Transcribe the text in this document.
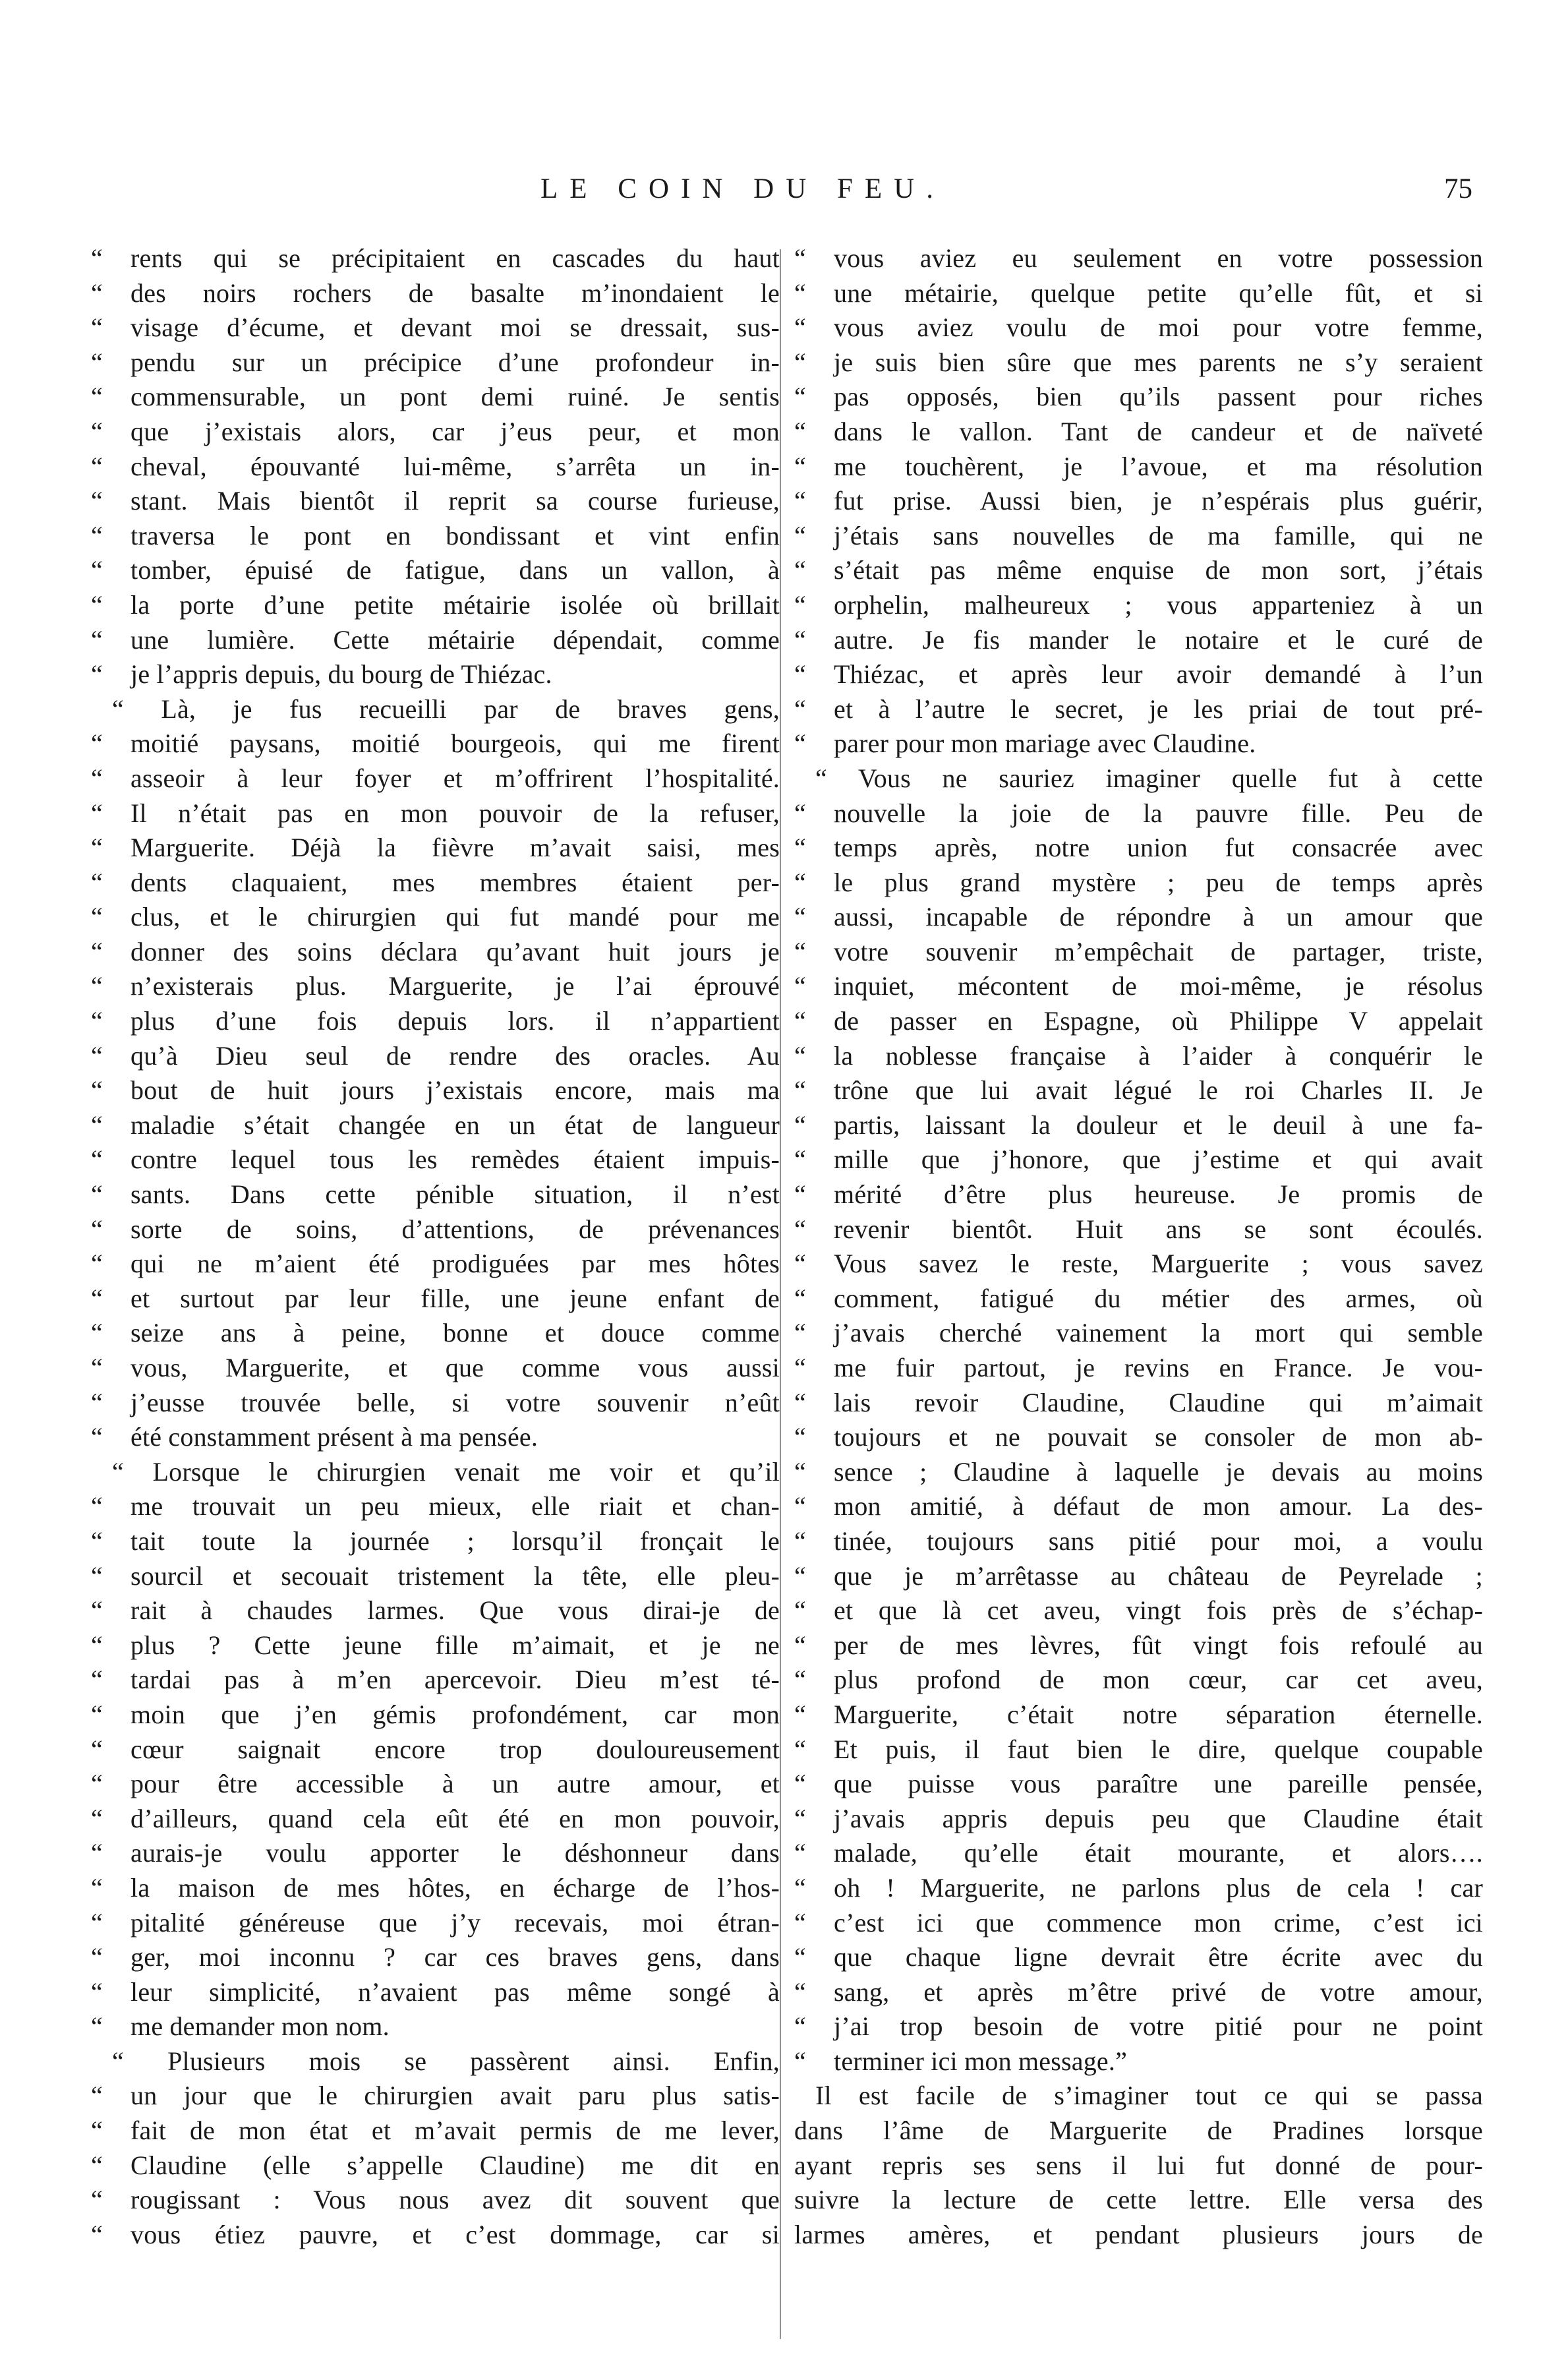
LE COIN DU FEU.	75
“	rents qui se précipitaient en cascades du haut
“	des noirs rochers de basalte m’inondaient le
“	visage d’écume, et devant moi se dressait, sus-
“	pendu sur un précipice d’une profondeur in-
“	commensurable, un pont demi ruiné. Je sentis
“	que j’existais alors, car j’eus peur, et mon
“	cheval, épouvanté lui-même, s’arrêta un in-
“	stant. Mais bientôt il reprit sa course furieuse,
“	traversa le pont en bondissant et vint enfin
“	tomber, épuisé de fatigue, dans un vallon, à
“	la porte d’une petite métairie isolée où brillait
“	une lumière. Cette métairie dépendait, comme
“	je l’appris depuis, du bourg de Thiézac.
“ Là, je fus recueilli par de braves gens,
“	moitié paysans, moitié bourgeois, qui me firent
“	asseoir à leur foyer et m’offrirent l’hospitalité.
“	Il n’était pas en mon pouvoir de la refuser,
“	Marguerite. Déjà la fièvre m’avait saisi, mes
“	dents claquaient, mes membres étaient per-
“	clus, et le chirurgien qui fut mandé pour me
“	donner des soins déclara qu’avant huit jours je
“	n’existerais plus. Marguerite, je l’ai éprouvé
“	plus d’une fois depuis lors. il n’appartient
“	qu’à Dieu seul de rendre des oracles. Au
“	bout de huit jours j’existais encore, mais ma
“	maladie s’était changée en un état de langueur
“	contre lequel tous les remèdes étaient impuis-
“	sants. Dans cette pénible situation, il n’est
“	sorte de soins, d’attentions, de prévenances
“	qui ne m’aient été prodiguées par mes hôtes
“	et surtout par leur fille, une jeune enfant de
“	seize ans à peine, bonne et douce comme
“	vous, Marguerite, et que comme vous aussi
“	j’eusse trouvée belle, si votre souvenir n’eût
“	été constamment présent à ma pensée.
“ Lorsque le chirurgien venait me voir et qu’il
“	me trouvait un peu mieux, elle riait et chan-
“	tait toute la journée ; lorsqu’il fronçait le
“	sourcil et secouait tristement la tête, elle pleu-
“	rait à chaudes larmes. Que vous dirai-je de
“	plus ? Cette jeune fille m’aimait, et je ne
“	tardai pas à m’en apercevoir. Dieu m’est té-
“	moin que j’en gémis profondément, car mon
“	cœur saignait encore trop douloureusement
“	pour être accessible à un autre amour, et
“	d’ailleurs, quand cela eût été en mon pouvoir,
“	aurais-je voulu apporter le déshonneur dans
“	la maison de mes hôtes, en écharge de l’hos-
“	pitalité généreuse que j’y recevais, moi étran-
“	ger, moi inconnu ? car ces braves gens, dans
“	leur simplicité, n’avaient pas même songé à
“	me demander mon nom.
“ Plusieurs mois se passèrent ainsi. Enfin,
“	un jour que le chirurgien avait paru plus satis-
“	fait de mon état et m’avait permis de me lever,
“	Claudine (elle s’appelle Claudine) me dit en
“	rougissant : Vous nous avez dit souvent que
“	vous étiez pauvre, et c’est dommage, car si
“	vous aviez eu seulement en votre possession
“	une métairie, quelque petite qu’elle fût, et si
“	vous aviez voulu de moi pour votre femme,
“	je suis bien sûre que mes parents ne s’y seraient
“	pas opposés, bien qu’ils passent pour riches
“	dans le vallon. Tant de candeur et de naïveté
“	me touchèrent, je l’avoue, et ma résolution
“	fut prise. Aussi bien, je n’espérais plus guérir,
“	j’étais sans nouvelles de ma famille, qui ne
“	s’était pas même enquise de mon sort, j’étais
“	orphelin, malheureux ; vous apparteniez à un
“	autre. Je fis mander le notaire et le curé de
“	Thiézac, et après leur avoir demandé à l’un
“	et à l’autre le secret, je les priai de tout pré-
“	parer pour mon mariage avec Claudine.
“ Vous ne sauriez imaginer quelle fut à cette
“	nouvelle la joie de la pauvre fille. Peu de
“	temps après, notre union fut consacrée avec
“	le plus grand mystère ; peu de temps après
“	aussi, incapable de répondre à un amour que
“	votre souvenir m’empêchait de partager, triste,
“	inquiet, mécontent de moi-même, je résolus
“	de passer en Espagne, où Philippe V appelait
“	la noblesse française à l’aider à conquérir le
“	trône que lui avait légué le roi Charles II. Je
“	partis, laissant la douleur et le deuil à une fa-
“	mille que j’honore, que j’estime et qui avait
“	mérité d’être plus heureuse. Je promis de
“	revenir bientôt. Huit ans se sont écoulés.
“	Vous savez le reste, Marguerite ; vous savez
“	comment, fatigué du métier des armes, où
“	j’avais cherché vainement la mort qui semble
“	me fuir partout, je revins en France. Je vou-
“	lais revoir Claudine, Claudine qui m’aimait
“	toujours et ne pouvait se consoler de mon ab-
“	sence ; Claudine à laquelle je devais au moins
“	mon amitié, à défaut de mon amour. La des-
“	tinée, toujours sans pitié pour moi, a voulu
“	que je m’arrêtasse au château de Peyrelade ;
“	et que là cet aveu, vingt fois près de s’échap-
“	per de mes lèvres, fût vingt fois refoulé au
“	plus profond de mon cœur, car cet aveu,
“	Marguerite, c’était notre séparation éternelle.
“	Et puis, il faut bien le dire, quelque coupable
“	que puisse vous paraître une pareille pensée,
“	j’avais appris depuis peu que Claudine était
“	malade, qu’elle était mourante, et alors….
“	oh ! Marguerite, ne parlons plus de cela ! car
“	c’est ici que commence mon crime, c’est ici
“	que chaque ligne devrait être écrite avec du
“	sang, et après m’être privé de votre amour,
“	j’ai trop besoin de votre pitié pour ne point
“	terminer ici mon message.”
Il est facile de s’imaginer tout ce qui se passa
dans l’âme de Marguerite de Pradines lorsque
ayant repris ses sens il lui fut donné de pour-
suivre la lecture de cette lettre. Elle versa des
larmes amères, et pendant plusieurs jours de
